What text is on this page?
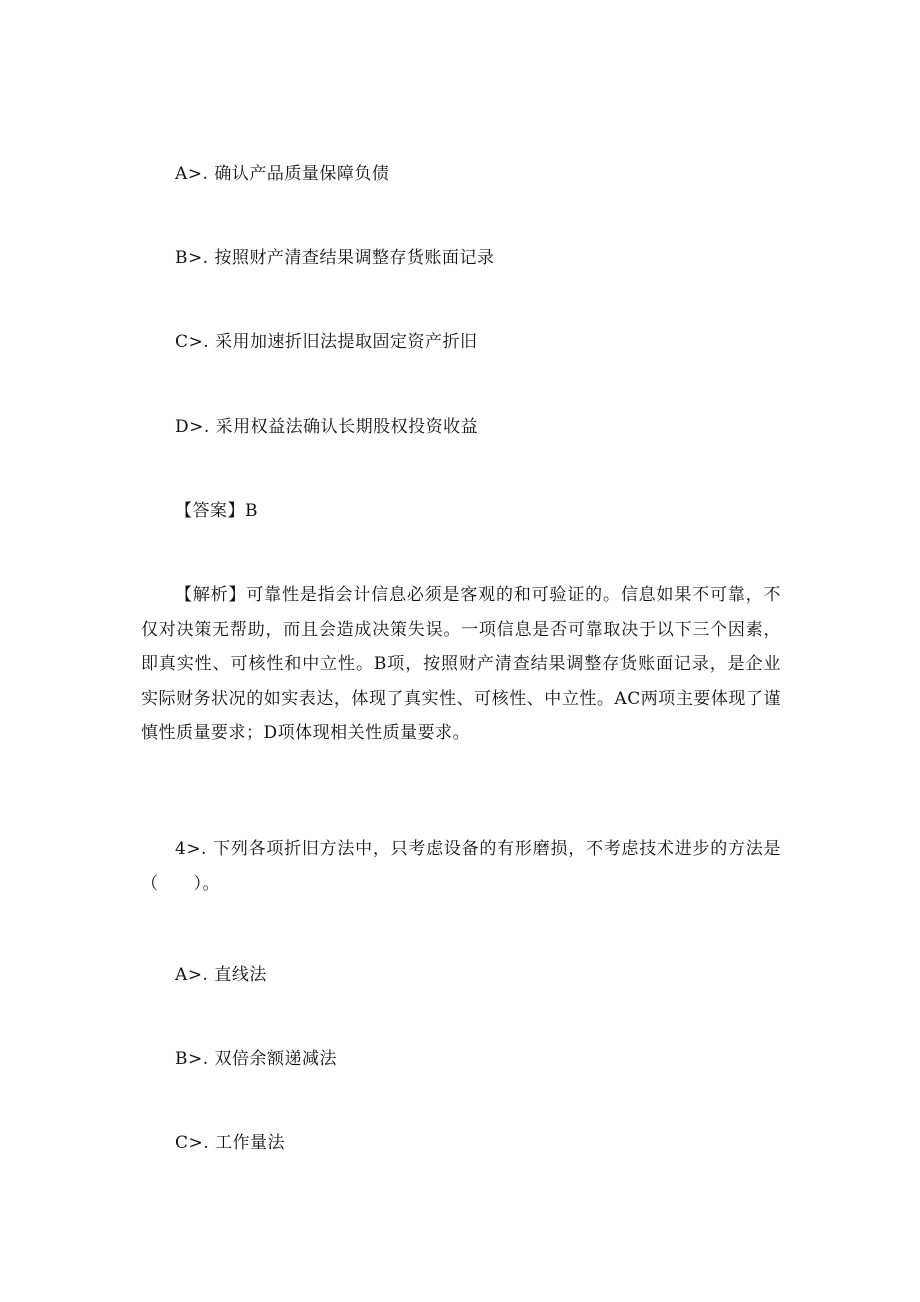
A>. 确认产品质量保障负债
B>. 按照财产清查结果调整存货账面记录
C>. 采用加速折旧法提取固定资产折旧
D>. 采用权益法确认长期股权投资收益
【答案】B

【解析】可靠性是指会计信息必须是客观的和可验证的。信息如果不可靠，不仅对决策无帮助，而且会造成决策失误。一项信息是否可靠取决于以下三个因素，即真实性、可核性和中立性。B项，按照财产清查结果调整存货账面记录，是企业实际财务状况的如实表达，体现了真实性、可核性、中立性。AC两项主要体现了谨慎性质量要求；D项体现相关性质量要求。

4>. 下列各项折旧方法中，只考虑设备的有形磨损，不考虑技术进步的方法是（　　）。

A>. 直线法
B>. 双倍余额递减法
C>. 工作量法
